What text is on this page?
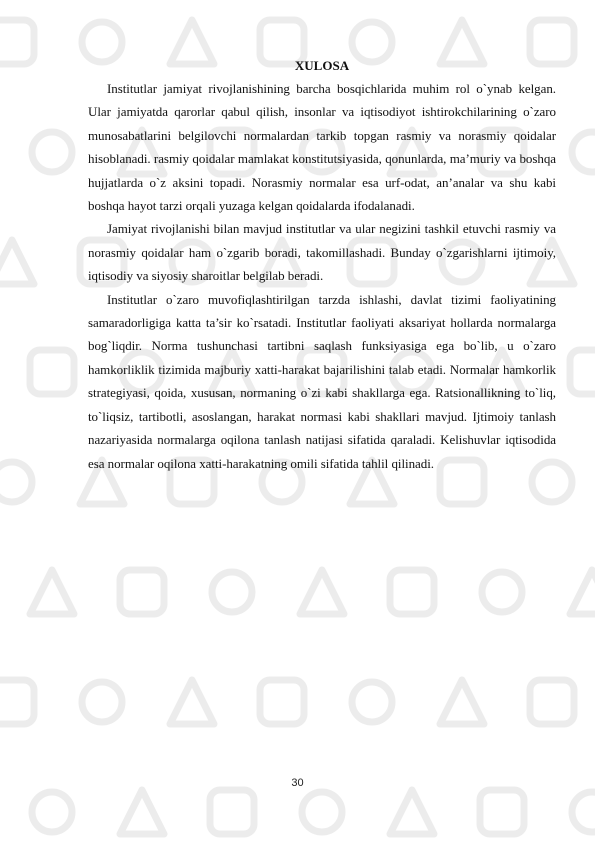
XULOSA

Institutlar jamiyat rivojlanishining barcha bosqichlarida muhim rol o`ynab kelgan. Ular jamiyatda qarorlar qabul qilish, insonlar va iqtisodiyot ishtirokchilarining o`zaro munosabatlarini belgilovchi normalardan tarkib topgan rasmiy va norasmiy qoidalar hisoblanadi. rasmiy qoidalar mamlakat konstitutsiyasida, qonunlarda, ma’muriy va boshqa hujjatlarda o`z aksini topadi. Norasmiy normalar esa urf-odat, an’analar va shu kabi boshqa hayot tarzi orqali yuzaga kelgan qoidalarda ifodalanadi.

Jamiyat rivojlanishi bilan mavjud institutlar va ular negizini tashkil etuvchi rasmiy va norasmiy qoidalar ham o`zgarib boradi, takomillashadi. Bunday o`zgarishlarni ijtimoiy, iqtisodiy va siyosiy sharoitlar belgilab beradi.

Institutlar o`zaro muvofiqlashtirilgan tarzda ishlashi, davlat tizimi faoliyatining samaradorligiga katta ta’sir ko`rsatadi. Institutlar faoliyati aksariyat hollarda normalarga bog`liqdir. Norma tushunchasi tartibni saqlash funksiyasiga ega bo`lib, u o`zaro hamkorliklik tizimida majburiy xatti-harakat bajarilishini talab etadi. Normalar hamkorlik strategiyasi, qoida, xususan, normaning o`zi kabi shakllarga ega. Ratsionallikning to`liq, to`liqsiz, tartibotli, asoslangan, harakat normasi kabi shakllari mavjud. Ijtimoiy tanlash nazariyasida normalarga oqilona tanlash natijasi sifatida qaraladi. Kelishuvlar iqtisodida esa normalar oqilona xatti-harakatning omili sifatida tahlil qilinadi.

30
